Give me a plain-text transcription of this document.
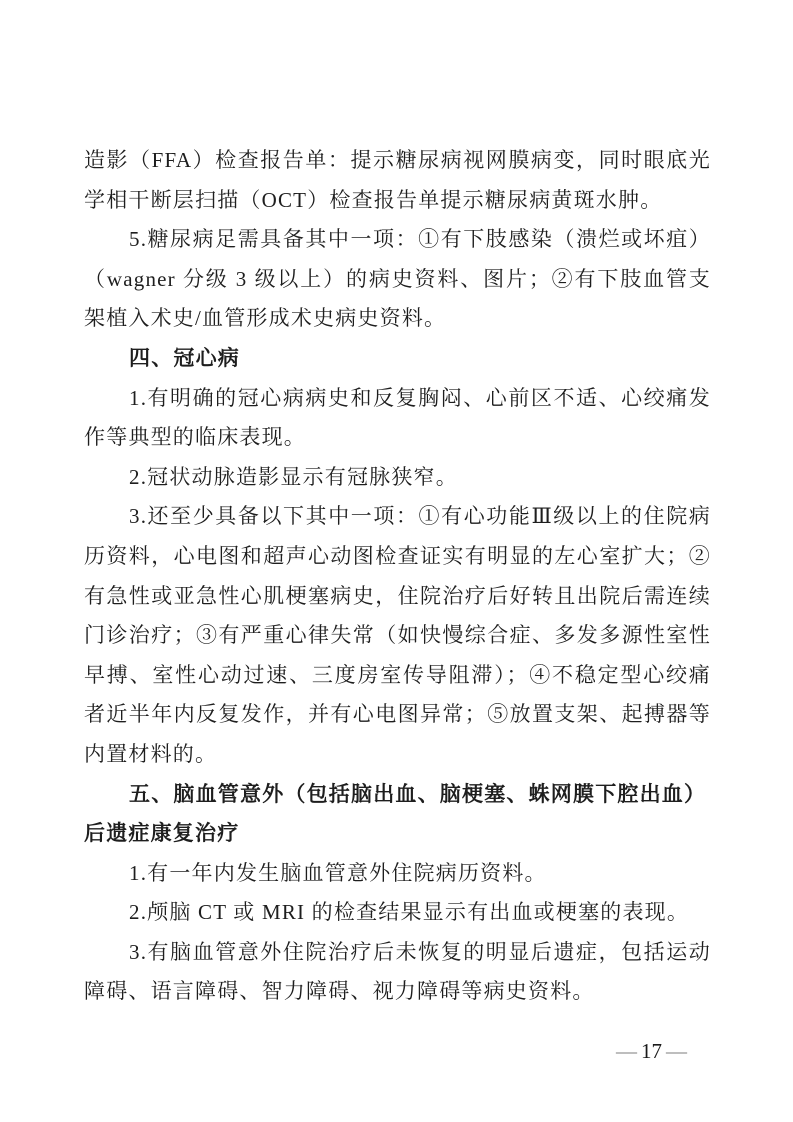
造影（FFA）检查报告单：提示糖尿病视网膜病变，同时眼底光
学相干断层扫描（OCT）检查报告单提示糖尿病黄斑水肿。
5.糖尿病足需具备其中一项：①有下肢感染（溃烂或坏疽）
（wagner 分级 3 级以上）的病史资料、图片；②有下肢血管支
架植入术史/血管形成术史病史资料。
四、冠心病
1.有明确的冠心病病史和反复胸闷、心前区不适、心绞痛发
作等典型的临床表现。
2.冠状动脉造影显示有冠脉狭窄。
3.还至少具备以下其中一项：①有心功能Ⅲ级以上的住院病
历资料，心电图和超声心动图检查证实有明显的左心室扩大；②
有急性或亚急性心肌梗塞病史，住院治疗后好转且出院后需连续
门诊治疗；③有严重心律失常（如快慢综合症、多发多源性室性
早搏、室性心动过速、三度房室传导阻滞）；④不稳定型心绞痛
者近半年内反复发作，并有心电图异常；⑤放置支架、起搏器等
内置材料的。
五、脑血管意外（包括脑出血、脑梗塞、蛛网膜下腔出血）
后遗症康复治疗
1.有一年内发生脑血管意外住院病历资料。
2.颅脑 CT 或 MRI 的检查结果显示有出血或梗塞的表现。
3.有脑血管意外住院治疗后未恢复的明显后遗症，包括运动
障碍、语言障碍、智力障碍、视力障碍等病史资料。
— 17 —
